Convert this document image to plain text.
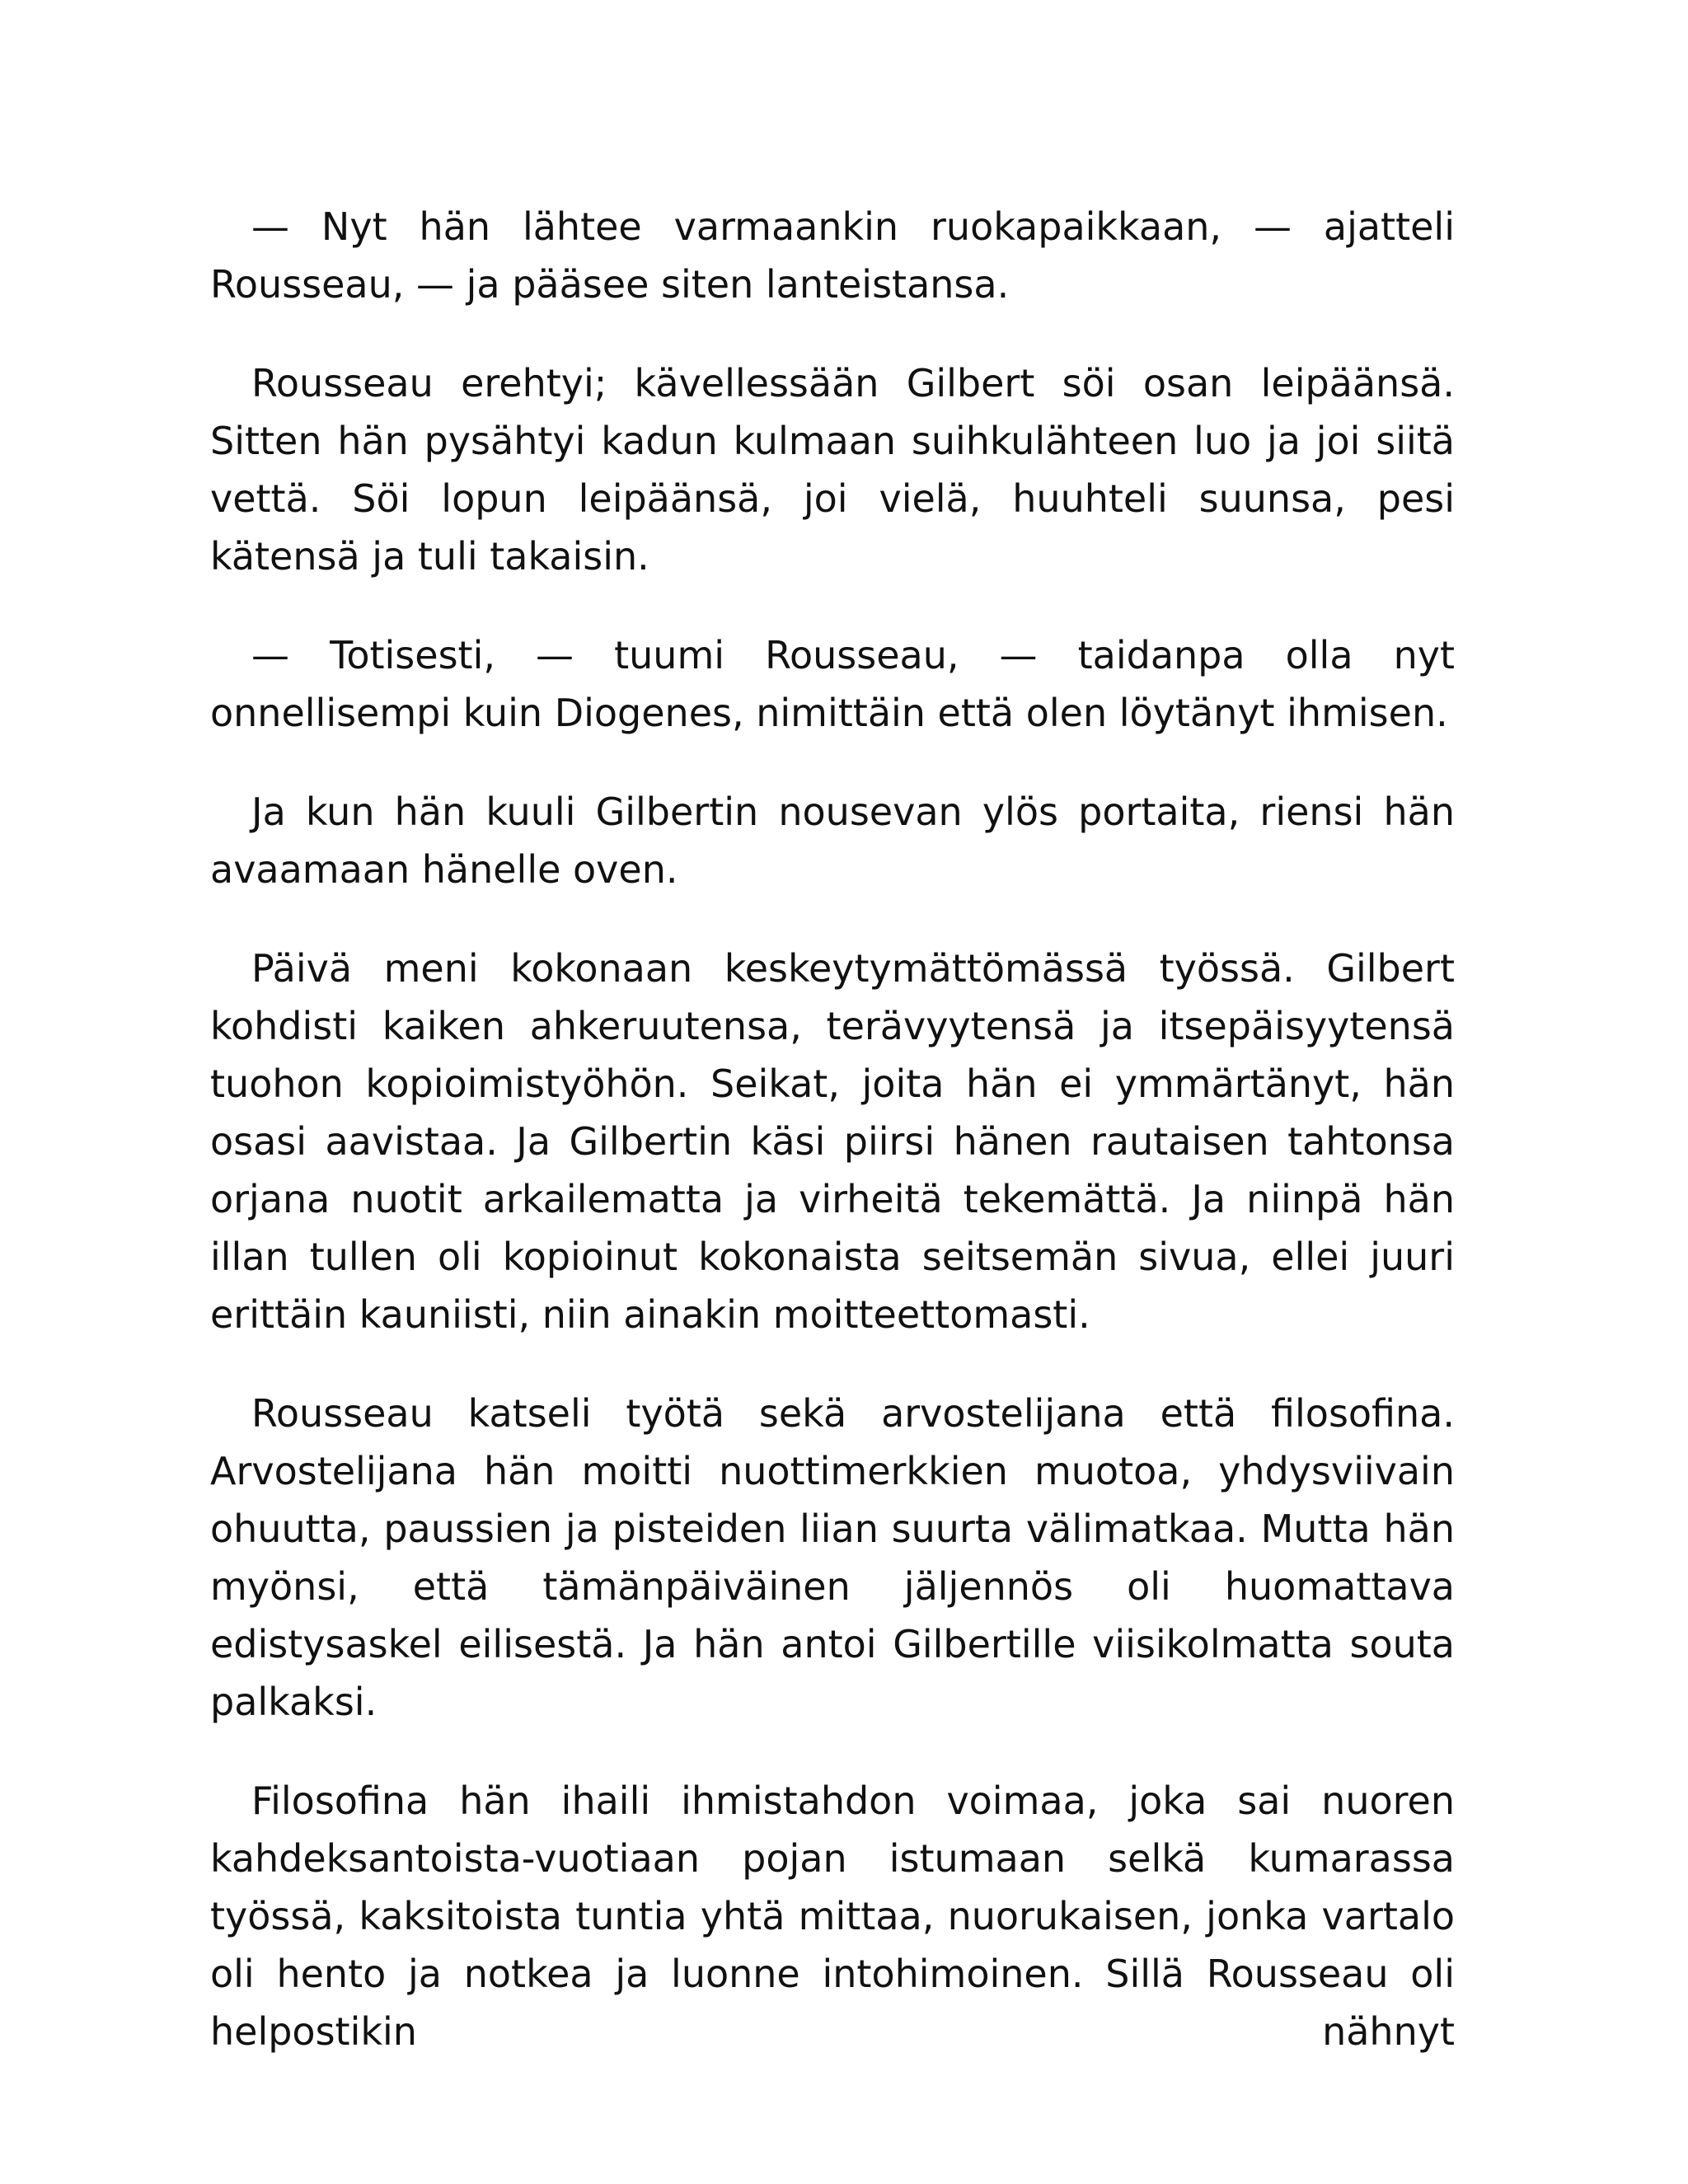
— Nyt hän lähtee varmaankin ruokapaikkaan, — ajatteli Rousseau, — ja pääsee siten lanteistansa.

Rousseau erehtyi; kävellessään Gilbert söi osan leipäänsä. Sitten hän pysähtyi kadun kulmaan suihkulähteen luo ja joi siitä vettä. Söi lopun leipäänsä, joi vielä, huuhteli suunsa, pesi kätensä ja tuli takaisin.

— Totisesti, — tuumi Rousseau, — taidanpa olla nyt onnellisempi kuin Diogenes, nimittäin että olen löytänyt ihmisen.

Ja kun hän kuuli Gilbertin nousevan ylös portaita, riensi hän avaamaan hänelle oven.

Päivä meni kokonaan keskeytymättömässä työssä. Gilbert kohdisti kaiken ahkeruutensa, terävyytensä ja itsepäisyytensä tuohon kopioimistyöhön. Seikat, joita hän ei ymmärtänyt, hän osasi aavistaa. Ja Gilbertin käsi piirsi hänen rautaisen tahtonsa orjana nuotit arkailematta ja virheitä tekemättä. Ja niinpä hän illan tullen oli kopioinut kokonaista seitsemän sivua, ellei juuri erittäin kauniisti, niin ainakin moitteettomasti.

Rousseau katseli työtä sekä arvostelijana että filosofina. Arvostelijana hän moitti nuottimerkkien muotoa, yhdysviivain ohuutta, paussien ja pisteiden liian suurta välimatkaa. Mutta hän myönsi, että tämänpäiväinen jäljennös oli huomattava edistysaskel eilisestä. Ja hän antoi Gilbertille viisikolmatta souta palkaksi.

Filosofina hän ihaili ihmistahdon voimaa, joka sai nuoren kahdeksantoista-vuotiaan pojan istumaan selkä kumarassa työssä, kaksitoista tuntia yhtä mittaa, nuorukaisen, jonka vartalo oli hento ja notkea ja luonne intohimoinen. Sillä Rousseau oli helpostikin nähnyt
